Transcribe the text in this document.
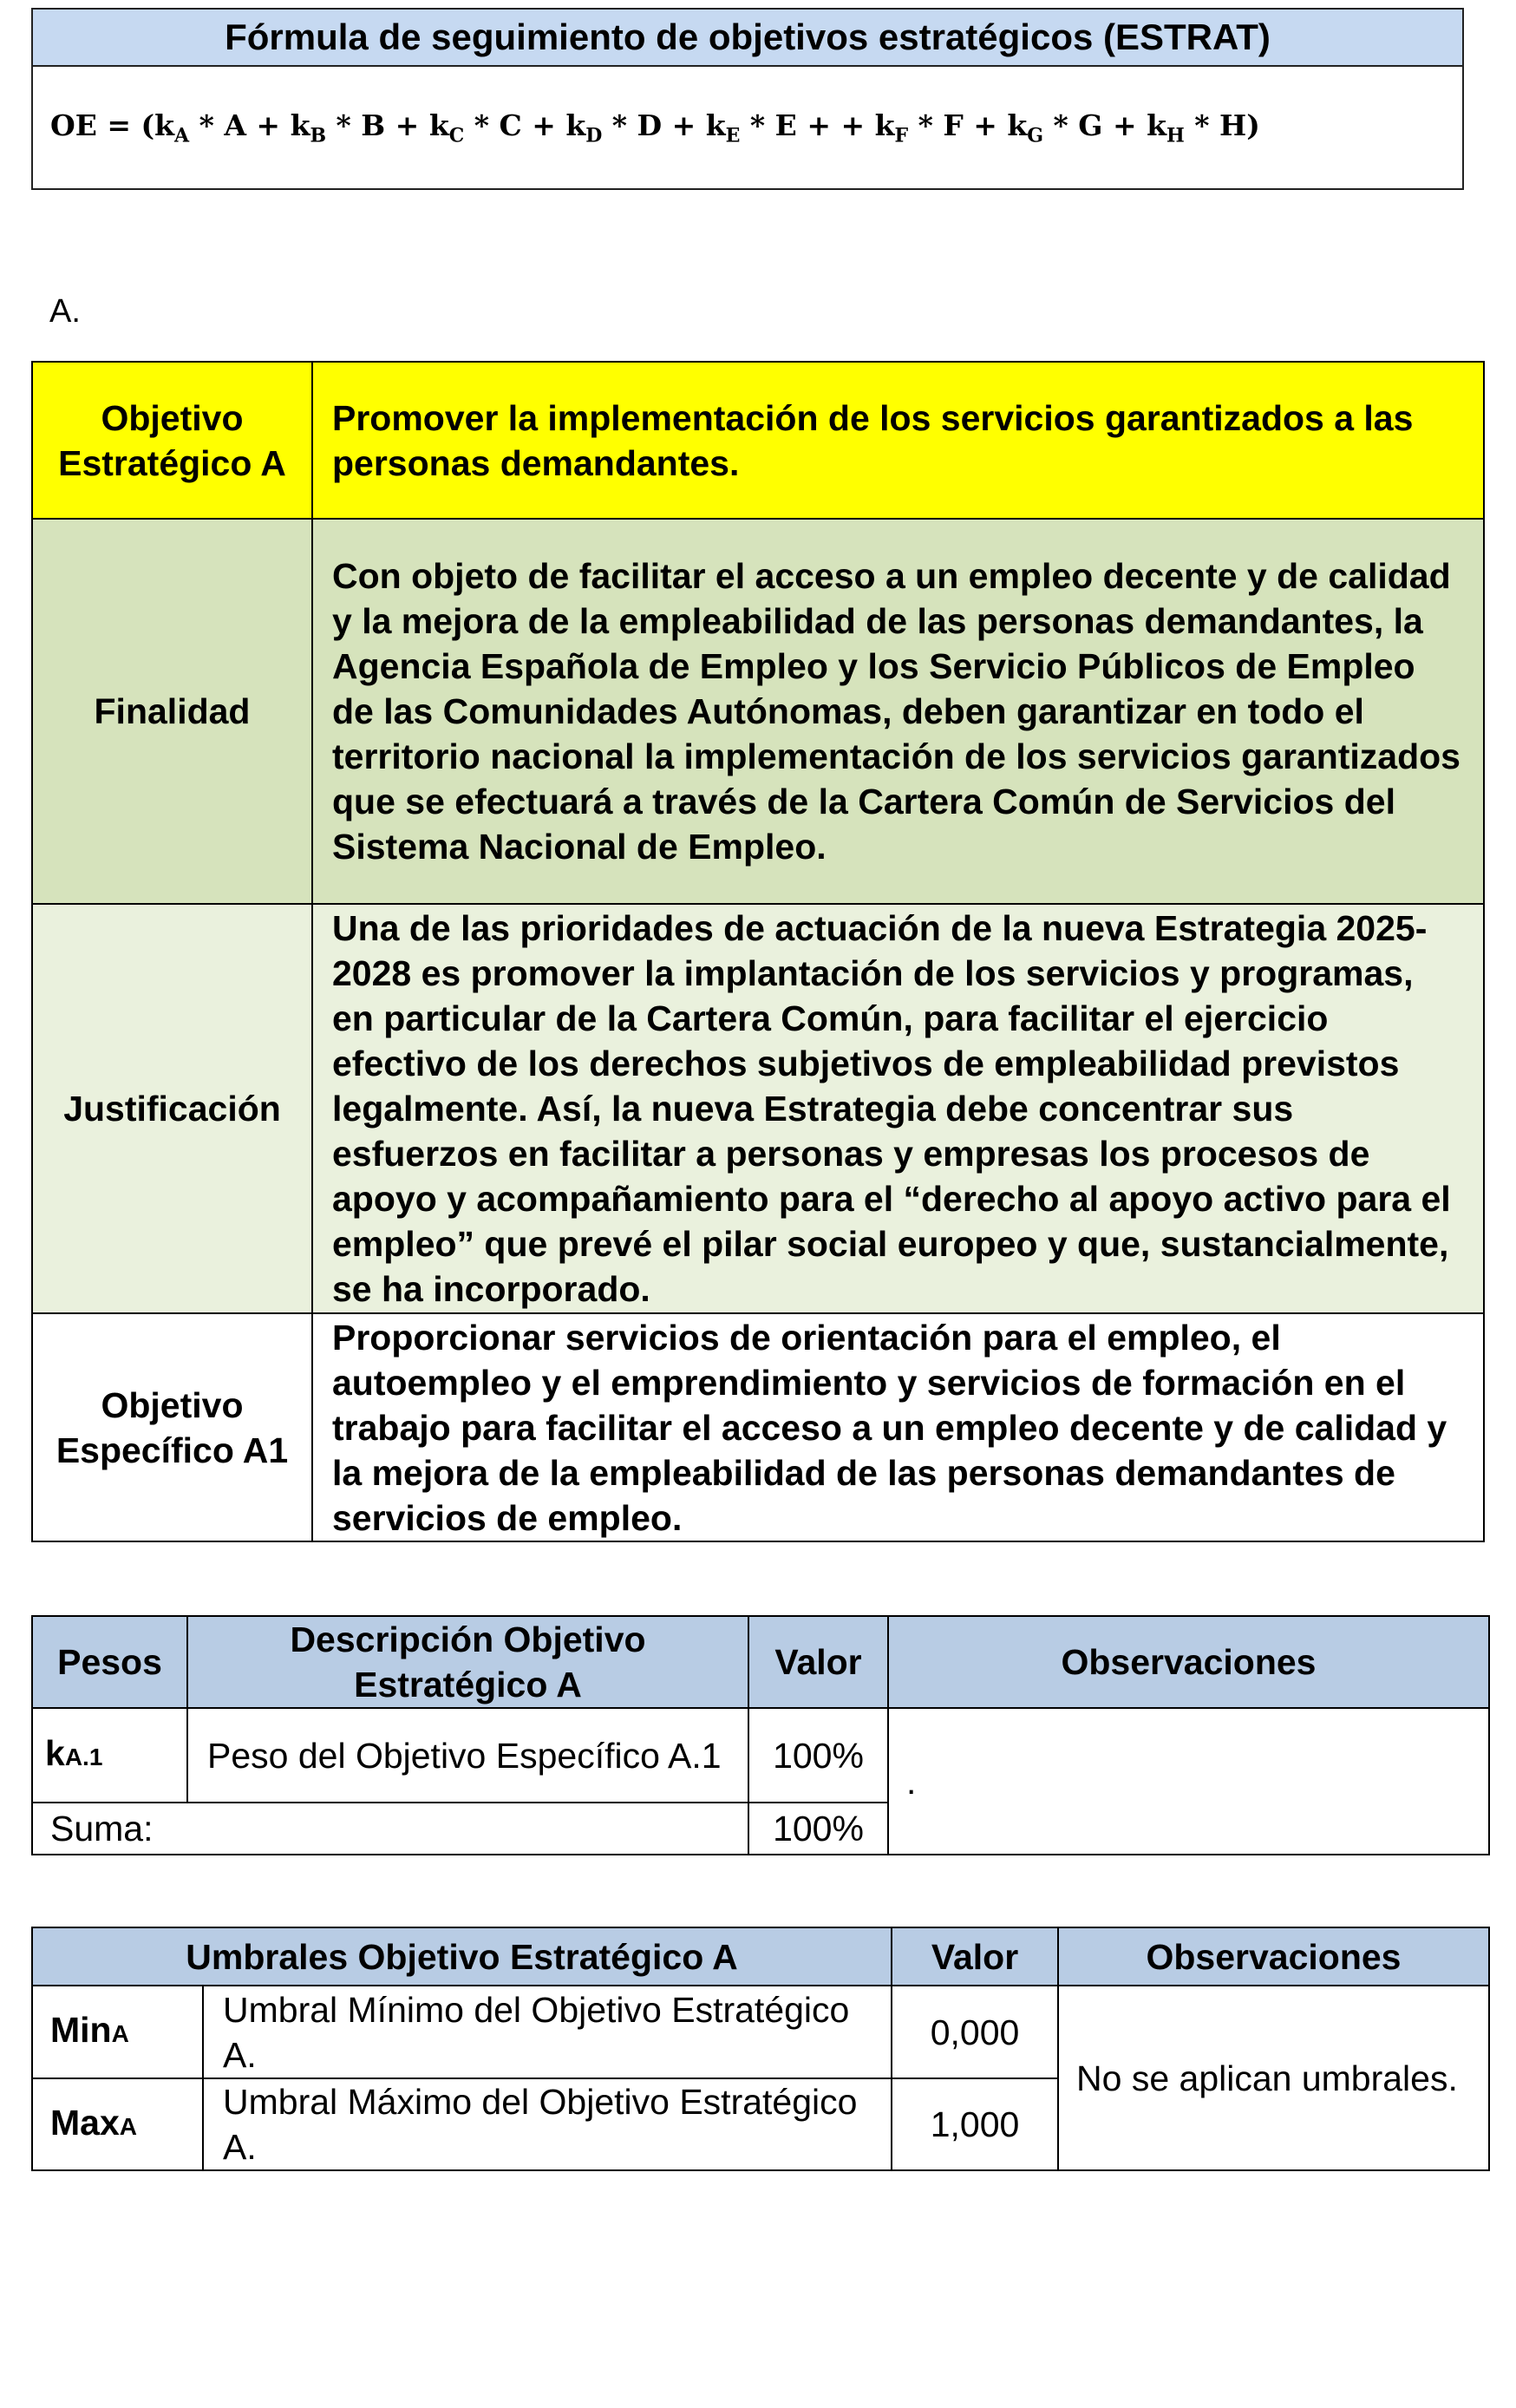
Fórmula de seguimiento de objetivos estratégicos (ESTRAT)
OE = ($k_A * A + k_B * B + k_C * C + k_D * D + k_E * E$ + + $k_F * F + k_G * G + k_H * H$)
A.
Objetivo Estratégico A	Promover la implementación de los servicios garantizados a las personas demandantes.
Finalidad	Con objeto de facilitar el acceso a un empleo decente y de calidad y la mejora de la empleabilidad de las personas demandantes, la Agencia Española de Empleo y los Servicio Públicos de Empleo de las Comunidades Autónomas, deben garantizar en todo el territorio nacional la implementación de los servicios garantizados que se efectuará a través de la Cartera Común de Servicios del Sistema Nacional de Empleo.
Justificación	Una de las prioridades de actuación de la nueva Estrategia 2025-2028 es promover la implantación de los servicios y programas, en particular de la Cartera Común, para facilitar el ejercicio efectivo de los derechos subjetivos de empleabilidad previstos legalmente. Así, la nueva Estrategia debe concentrar sus esfuerzos en facilitar a personas y empresas los procesos de apoyo y acompañamiento para el “derecho al apoyo activo para el empleo” que prevé el pilar social europeo y que, sustancialmente, se ha incorporado.
Objetivo Específico A1	Proporcionar servicios de orientación para el empleo, el autoempleo y el emprendimiento y servicios de formación en el trabajo para facilitar el acceso a un empleo decente y de calidad y la mejora de la empleabilidad de las personas demandantes de servicios de empleo.
Pesos	Descripción Objetivo Estratégico A	Valor	Observaciones
kA.1	Peso del Objetivo Específico A.1	100%	.
Suma:		100%	
Umbrales Objetivo Estratégico A		Valor	Observaciones
MinA	Umbral Mínimo del Objetivo Estratégico A.	0,000	No se aplican umbrales.

MaxA	Umbral Máximo del Objetivo Estratégico A.	1,000	
